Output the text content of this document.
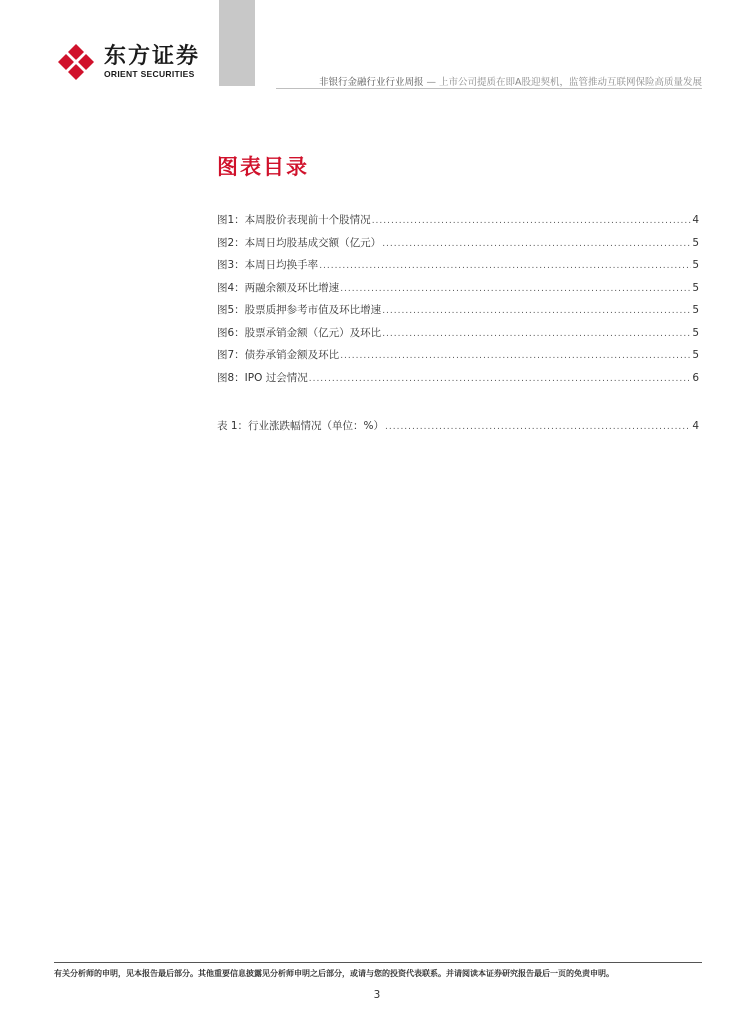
东方证券
ORIENT SECURITIES
非银行金融行业行业周报 — 上市公司提质在即A股迎契机，监管推动互联网保险高质量发展
图表目录
图1：本周股价表现前十个股情况 .....	4
图2：本周日均股基成交额（亿元） .....	5
图3：本周日均换手率 .....	5
图4：两融余额及环比增速 .....	5
图5：股票质押参考市值及环比增速 .....	5
图6：股票承销金额（亿元）及环比 .....	5
图7：债券承销金额及环比 .....	5
图8：IPO 过会情况 .....	6
表 1：行业涨跌幅情况（单位：%） .....	4
有关分析师的申明，见本报告最后部分。其他重要信息披露见分析师申明之后部分，或请与您的投资代表联系。并请阅读本证券研究报告最后一页的免责申明。
3
